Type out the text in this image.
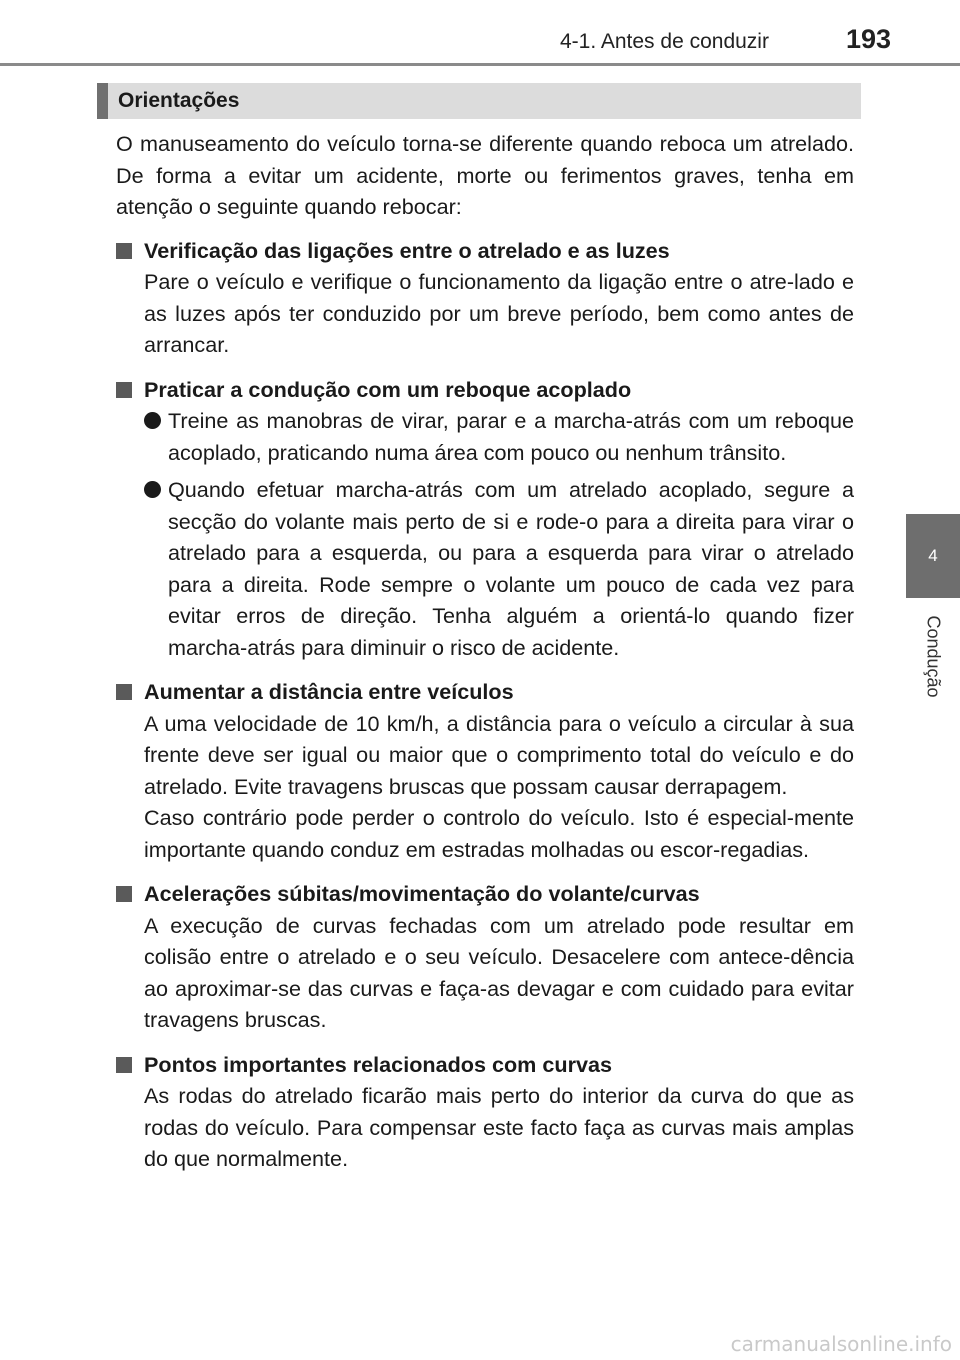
4-1. Antes de conduzir	193
4
Condução
Orientações

O manuseamento do veículo torna-se diferente quando reboca um atrelado. De forma a evitar um acidente, morte ou ferimentos graves, tenha em atenção o seguinte quando rebocar:

Verificação das ligações entre o atrelado e as luzes

Pare o veículo e verifique o funcionamento da ligação entre o atre-lado e as luzes após ter conduzido por um breve período, bem como antes de arrancar.

Praticar a condução com um reboque acoplado

Treine as manobras de virar, parar e a marcha-atrás com um reboque acoplado, praticando numa área com pouco ou nenhum trânsito.

Quando efetuar marcha-atrás com um atrelado acoplado, segure a secção do volante mais perto de si e rode-o para a direita para virar o atrelado para a esquerda, ou para a esquerda para virar o atrelado para a direita. Rode sempre o volante um pouco de cada vez para evitar erros de direção. Tenha alguém a orientá-lo quando fizer marcha-atrás para diminuir o risco de acidente.

Aumentar a distância entre veículos

A uma velocidade de 10 km/h, a distância para o veículo a circular à sua frente deve ser igual ou maior que o comprimento total do veículo e do atrelado. Evite travagens bruscas que possam causar derrapagem.

Caso contrário pode perder o controlo do veículo. Isto é especial-mente importante quando conduz em estradas molhadas ou escor-regadias.

Acelerações súbitas/movimentação do volante/curvas

A execução de curvas fechadas com um atrelado pode resultar em colisão entre o atrelado e o seu veículo. Desacelere com antece-dência ao aproximar-se das curvas e faça-as devagar e com cuidado para evitar travagens bruscas.

Pontos importantes relacionados com curvas

As rodas do atrelado ficarão mais perto do interior da curva do que as rodas do veículo. Para compensar este facto faça as curvas mais amplas do que normalmente.

carmanualsonline.info
